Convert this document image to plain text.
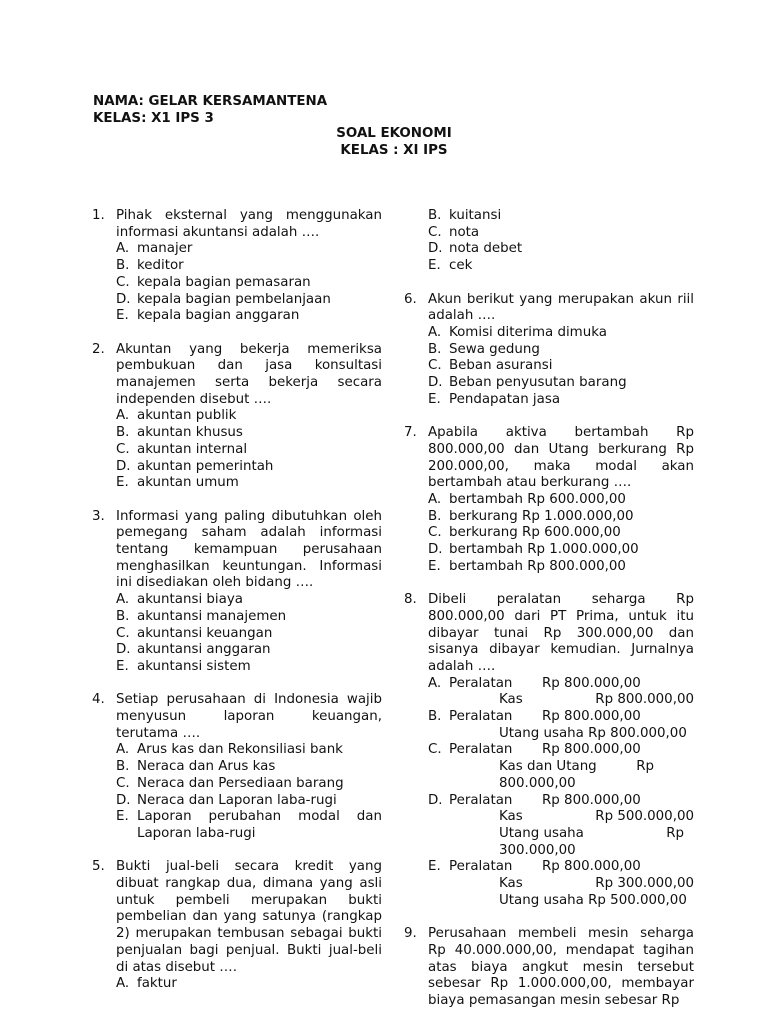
NAMA: GELAR KERSAMANTENA
KELAS: X1 IPS 3
SOAL EKONOMI
KELAS : XI IPS
1. Pihak eksternal yang menggunakan informasi akuntansi adalah ….
A. manajer
B. keditor
C. kepala bagian pemasaran
D. kepala bagian pembelanjaan
E. kepala bagian anggaran
2. Akuntan yang bekerja memeriksa pembukuan dan jasa konsultasi manajemen serta bekerja secara independen disebut ….
A. akuntan publik
B. akuntan khusus
C. akuntan internal
D. akuntan pemerintah
E. akuntan umum
3. Informasi yang paling dibutuhkan oleh pemegang saham adalah informasi tentang kemampuan perusahaan menghasilkan keuntungan. Informasi ini disediakan oleh bidang ….
A. akuntansi biaya
B. akuntansi manajemen
C. akuntansi keuangan
D. akuntansi anggaran
E. akuntansi sistem
4. Setiap perusahaan di Indonesia wajib menyusun laporan keuangan, terutama ….
A. Arus kas dan Rekonsiliasi bank
B. Neraca dan Arus kas
C. Neraca dan Persediaan barang
D. Neraca dan Laporan laba-rugi
E. Laporan perubahan modal dan Laporan laba-rugi
5. Bukti jual-beli secara kredit yang dibuat rangkap dua, dimana yang asli untuk pembeli merupakan bukti pembelian dan yang satunya (rangkap 2) merupakan tembusan sebagai bukti penjualan bagi penjual. Bukti jual-beli di atas disebut ….
A. faktur
B. kuitansi
C. nota
D. nota debet
E. cek
6. Akun berikut yang merupakan akun riil adalah ….
A. Komisi diterima dimuka
B. Sewa gedung
C. Beban asuransi
D. Beban penyusutan barang
E. Pendapatan jasa
7. Apabila aktiva bertambah Rp 800.000,00 dan Utang berkurang Rp 200.000,00, maka modal akan bertambah atau berkurang ….
A. bertambah Rp 600.000,00
B. berkurang Rp 1.000.000,00
C. berkurang Rp 600.000,00
D. bertambah Rp 1.000.000,00
E. bertambah Rp 800.000,00
8. Dibeli peralatan seharga Rp 800.000,00 dari PT Prima, untuk itu dibayar tunai Rp 300.000,00 dan sisanya dibayar kemudian. Jurnalnya adalah ….
A. Peralatan	Rp 800.000,00
Kas	Rp 800.000,00
B. Peralatan	Rp 800.000,00
Utang usaha Rp 800.000,00
C. Peralatan	Rp 800.000,00
Kas dan Utang	Rp
800.000,00
D. Peralatan	Rp 800.000,00
Kas	Rp 500.000,00
Utang usaha	Rp
300.000,00
E. Peralatan	Rp 800.000,00
Kas	Rp 300.000,00
Utang usaha Rp 500.000,00
9. Perusahaan membeli mesin seharga Rp 40.000.000,00, mendapat tagihan atas biaya angkut mesin tersebut sebesar Rp 1.000.000,00, membayar biaya pemasangan mesin sebesar Rp
